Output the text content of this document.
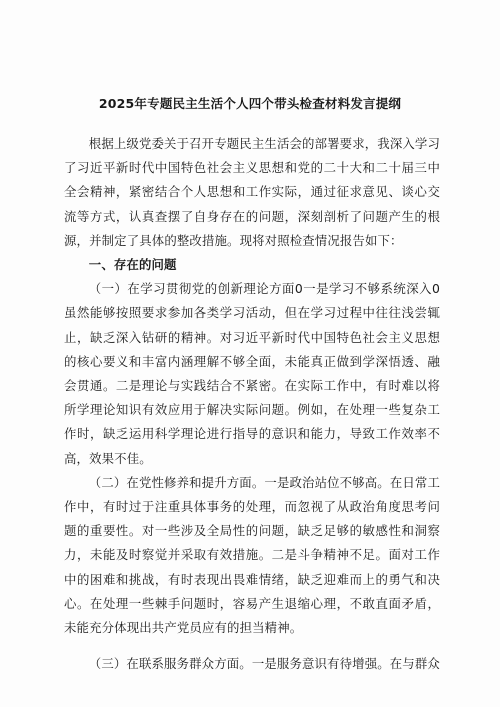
2025年专题民主生活个人四个带头检查材料发言提纲

根据上级党委关于召开专题民主生活会的部署要求，我深入学习了习近平新时代中国特色社会主义思想和党的二十大和二十届三中全会精神，紧密结合个人思想和工作实际，通过征求意见、谈心交流等方式，认真查摆了自身存在的问题，深刻剖析了问题产生的根源，并制定了具体的整改措施。现将对照检查情况报告如下：

一、存在的问题

（一）在学习贯彻党的创新理论方面0一是学习不够系统深入0虽然能够按照要求参加各类学习活动，但在学习过程中往往浅尝辄止，缺乏深入钻研的精神。对习近平新时代中国特色社会主义思想的核心要义和丰富内涵理解不够全面，未能真正做到学深悟透、融会贯通。二是理论与实践结合不紧密。在实际工作中，有时难以将所学理论知识有效应用于解决实际问题。例如，在处理一些复杂工作时，缺乏运用科学理论进行指导的意识和能力，导致工作效率不高，效果不佳。

（二）在党性修养和提升方面。一是政治站位不够高。在日常工作中，有时过于注重具体事务的处理，而忽视了从政治角度思考问题的重要性。对一些涉及全局性的问题，缺乏足够的敏感性和洞察力，未能及时察觉并采取有效措施。二是斗争精神不足。面对工作中的困难和挑战，有时表现出畏难情绪，缺乏迎难而上的勇气和决心。在处理一些棘手问题时，容易产生退缩心理，不敢直面矛盾，未能充分体现出共产党员应有的担当精神。

（三）在联系服务群众方面。一是服务意识有待增强。在与群众
